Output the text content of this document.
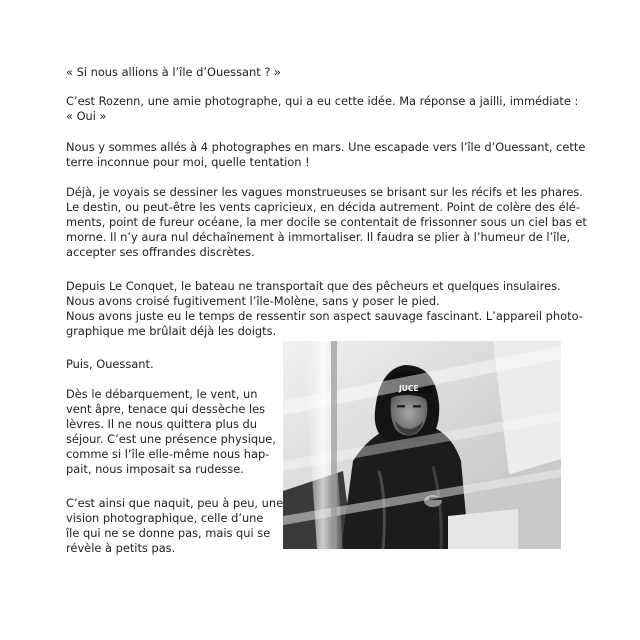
« Si nous allions à l’île d’Ouessant ? »

C’est Rozenn, une amie photographe, qui a eu cette idée. Ma réponse a jailli, immédiate :
« Oui »

Nous y sommes allés à 4 photographes en mars. Une escapade vers l’île d’Ouessant, cette
terre inconnue pour moi, quelle tentation !

Déjà, je voyais se dessiner les vagues monstrueuses se brisant sur les récifs et les phares.
Le destin, ou peut-être les vents capricieux, en décida autrement. Point de colère des élé-
ments, point de fureur océane, la mer docile se contentait de frissonner sous un ciel bas et
morne. Il n’y aura nul déchaînement à immortaliser. Il faudra se plier à l’humeur de l’île,
accepter ses offrandes discrètes.

Depuis Le Conquet, le bateau ne transportait que des pêcheurs et quelques insulaires.
Nous avons croisé fugitivement l’île-Molène, sans y poser le pied.
Nous avons juste eu le temps de ressentir son aspect sauvage fascinant. L’appareil photo-
graphique me brûlait déjà les doigts.

Puis, Ouessant.

Dès le débarquement, le vent, un
vent âpre, tenace qui dessèche les
lèvres. Il ne nous quittera plus du
séjour. C’est une présence physique,
comme si l’île elle-même nous hap-
pait, nous imposait sa rudesse.

C’est ainsi que naquit, peu à peu, une
vision photographique, celle d’une
île qui ne se donne pas, mais qui se
révèle à petits pas.

JUCE
